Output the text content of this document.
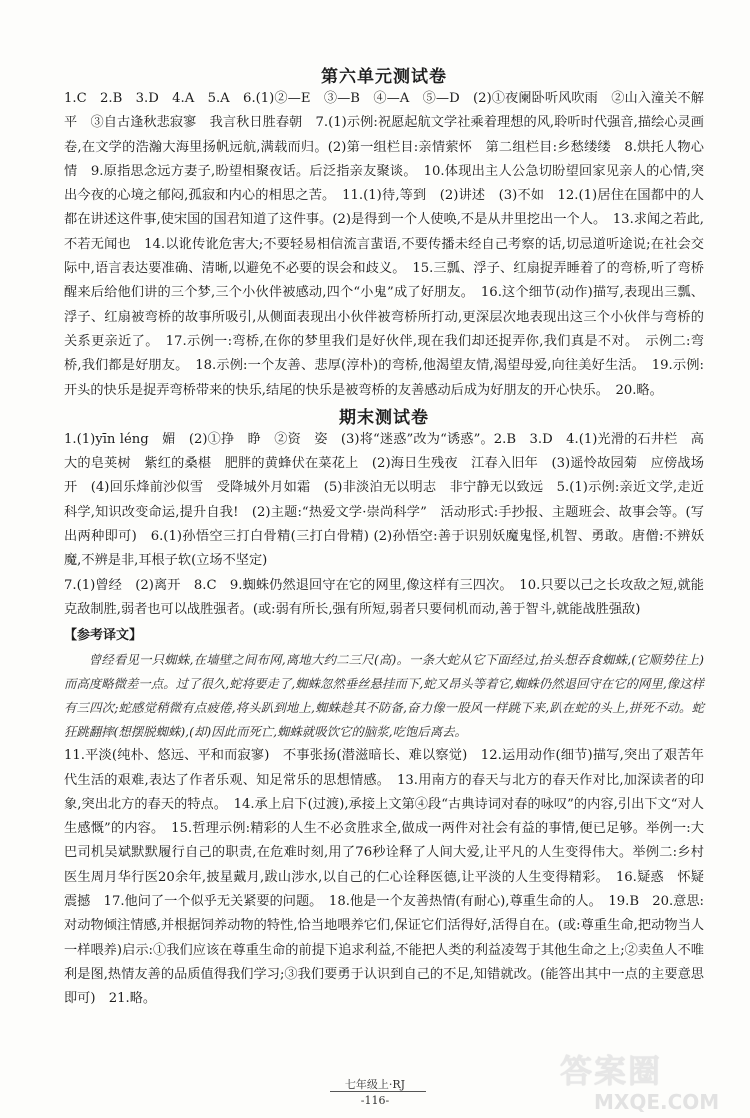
第六单元测试卷

1.C　2.B　3.D　4.A　5.A　6.(1)②—E　③—B　④—A　⑤—D　(2)①夜阑卧听风吹雨　②山入潼关不解平　③自古逢秋悲寂寥　我言秋日胜春朝　7.(1)示例:祝愿起航文学社乘着理想的风,聆听时代强音,描绘心灵画卷,在文学的浩瀚大海里扬帆远航,满载而归。(2)第一组栏目:亲情萦怀　第二组栏目:乡愁缕缕　8.烘托人物心情　9.原指思念远方妻子,盼望相聚夜话。后泛指亲友聚谈。　10.体现出主人公急切盼望回家见亲人的心情,突出今夜的心境之郁闷,孤寂和内心的相思之苦。　11.(1)待,等到　(2)讲述　(3)不如　12.(1)居住在国都中的人都在讲述这件事,使宋国的国君知道了这件事。(2)是得到一个人使唤,不是从井里挖出一个人。　13.求闻之若此,不若无闻也　14.以讹传讹危害大;不要轻易相信流言蜚语,不要传播未经自己考察的话,切忌道听途说;在社会交际中,语言表达要准确、清晰,以避免不必要的误会和歧义。　15.三瓢、浮子、红扇捉弄睡着了的弯桥,听了弯桥醒来后给他们讲的三个梦,三个小伙伴被感动,四个“小鬼”成了好朋友。　16.这个细节(动作)描写,表现出三瓢、浮子、红扇被弯桥的故事所吸引,从侧面表现出小伙伴被弯桥所打动,更深层次地表现出这三个小伙伴与弯桥的关系更亲近了。　17.示例一:弯桥,在你的梦里我们是好伙伴,现在我们却还捉弄你,我们真是不对。　示例二:弯桥,我们都是好朋友。　18.示例:一个友善、悲厚(淳朴)的弯桥,他渴望友情,渴望母爱,向往美好生活。　19.示例:开头的快乐是捉弄弯桥带来的快乐,结尾的快乐是被弯桥的友善感动后成为好朋友的开心快乐。　20.略。

期末测试卷

1.(1)yīn léng　媚　(2)①挣　睁　②资　姿　(3)将“迷惑”改为“诱惑”。2.B　3.D　4.(1)光滑的石井栏　高大的皂荚树　紫红的桑椹　肥胖的黄蜂伏在菜花上　(2)海日生残夜　江春入旧年　(3)遥怜故园菊　应傍战场开　(4)回乐烽前沙似雪　受降城外月如霜　(5)非淡泊无以明志　非宁静无以致远　5.(1)示例:亲近文学,走近科学,知识改变命运,提升自我!　(2)主题:“热爱文学·崇尚科学”　活动形式:手抄报、主题班会、故事会等。(写出两种即可)　 6.(1)孙悟空三打白骨精(三打白骨精) (2)孙悟空:善于识别妖魔鬼怪,机智、勇敢。唐僧:不辨妖魔,不辨是非,耳根子软(立场不坚定)

7.(1)曾经　(2)离开　8.C　9.蜘蛛仍然退回守在它的网里,像这样有三四次。　10.只要以己之长攻敌之短,就能克敌制胜,弱者也可以战胜强者。(或:弱有所长,强有所短,弱者只要伺机而动,善于智斗,就能战胜强敌)

【参考译文】

曾经看见一只蜘蛛,在墙壁之间布网,离地大约二三尺(高)。一条大蛇从它下面经过,抬头想吞食蜘蛛,(它顺势往上)而高度略微差一点。过了很久,蛇将要走了,蜘蛛忽然垂丝悬挂而下,蛇又昂头等着它,蜘蛛仍然退回守在它的网里,像这样有三四次;蛇感觉稍微有点疲倦,将头趴到地上,蜘蛛趁其不防备,奋力像一股风一样跳下来,趴在蛇的头上,拼死不动。蛇狂跳翻摔(想摆脱蜘蛛),(却)因此而死亡,蜘蛛就吸饮它的脑浆,吃饱后离去。

11.平淡(纯朴、悠远、平和而寂寥)　不事张扬(潜滋暗长、难以察觉)　12.运用动作(细节)描写,突出了艰苦年代生活的艰难,表达了作者乐观、知足常乐的思想情感。　13.用南方的春天与北方的春天作对比,加深读者的印象,突出北方的春天的特点。　14.承上启下(过渡),承接上文第④段“古典诗词对春的咏叹”的内容,引出下文“对人生感慨”的内容。　15.哲理示例:精彩的人生不必贪胜求全,做成一两件对社会有益的事情,便已足够。举例一:大巴司机吴斌默默履行自己的职责,在危难时刻,用了76秒诠释了人间大爱,让平凡的人生变得伟大。举例二:乡村医生周月华行医20余年,披星戴月,跋山涉水,以自己的仁心诠释医德,让平淡的人生变得精彩。　16.疑惑　怀疑　震撼　17.他问了一个似乎无关紧要的问题。　18.他是一个友善热情(有耐心),尊重生命的人。　19.B　20.意思:对动物倾注情感,并根据饲养动物的特性,恰当地喂养它们,保证它们活得好,活得自在。(或:尊重生命,把动物当人一样喂养)启示:①我们应该在尊重生命的前提下追求利益,不能把人类的利益凌驾于其他生命之上;②卖鱼人不唯利是图,热情友善的品质值得我们学习;③我们要勇于认识到自己的不足,知错就改。(能答出其中一点的主要意思即可)　 21.略。

七年级上·RJ
-116-
答案圈
MXQE.COM
